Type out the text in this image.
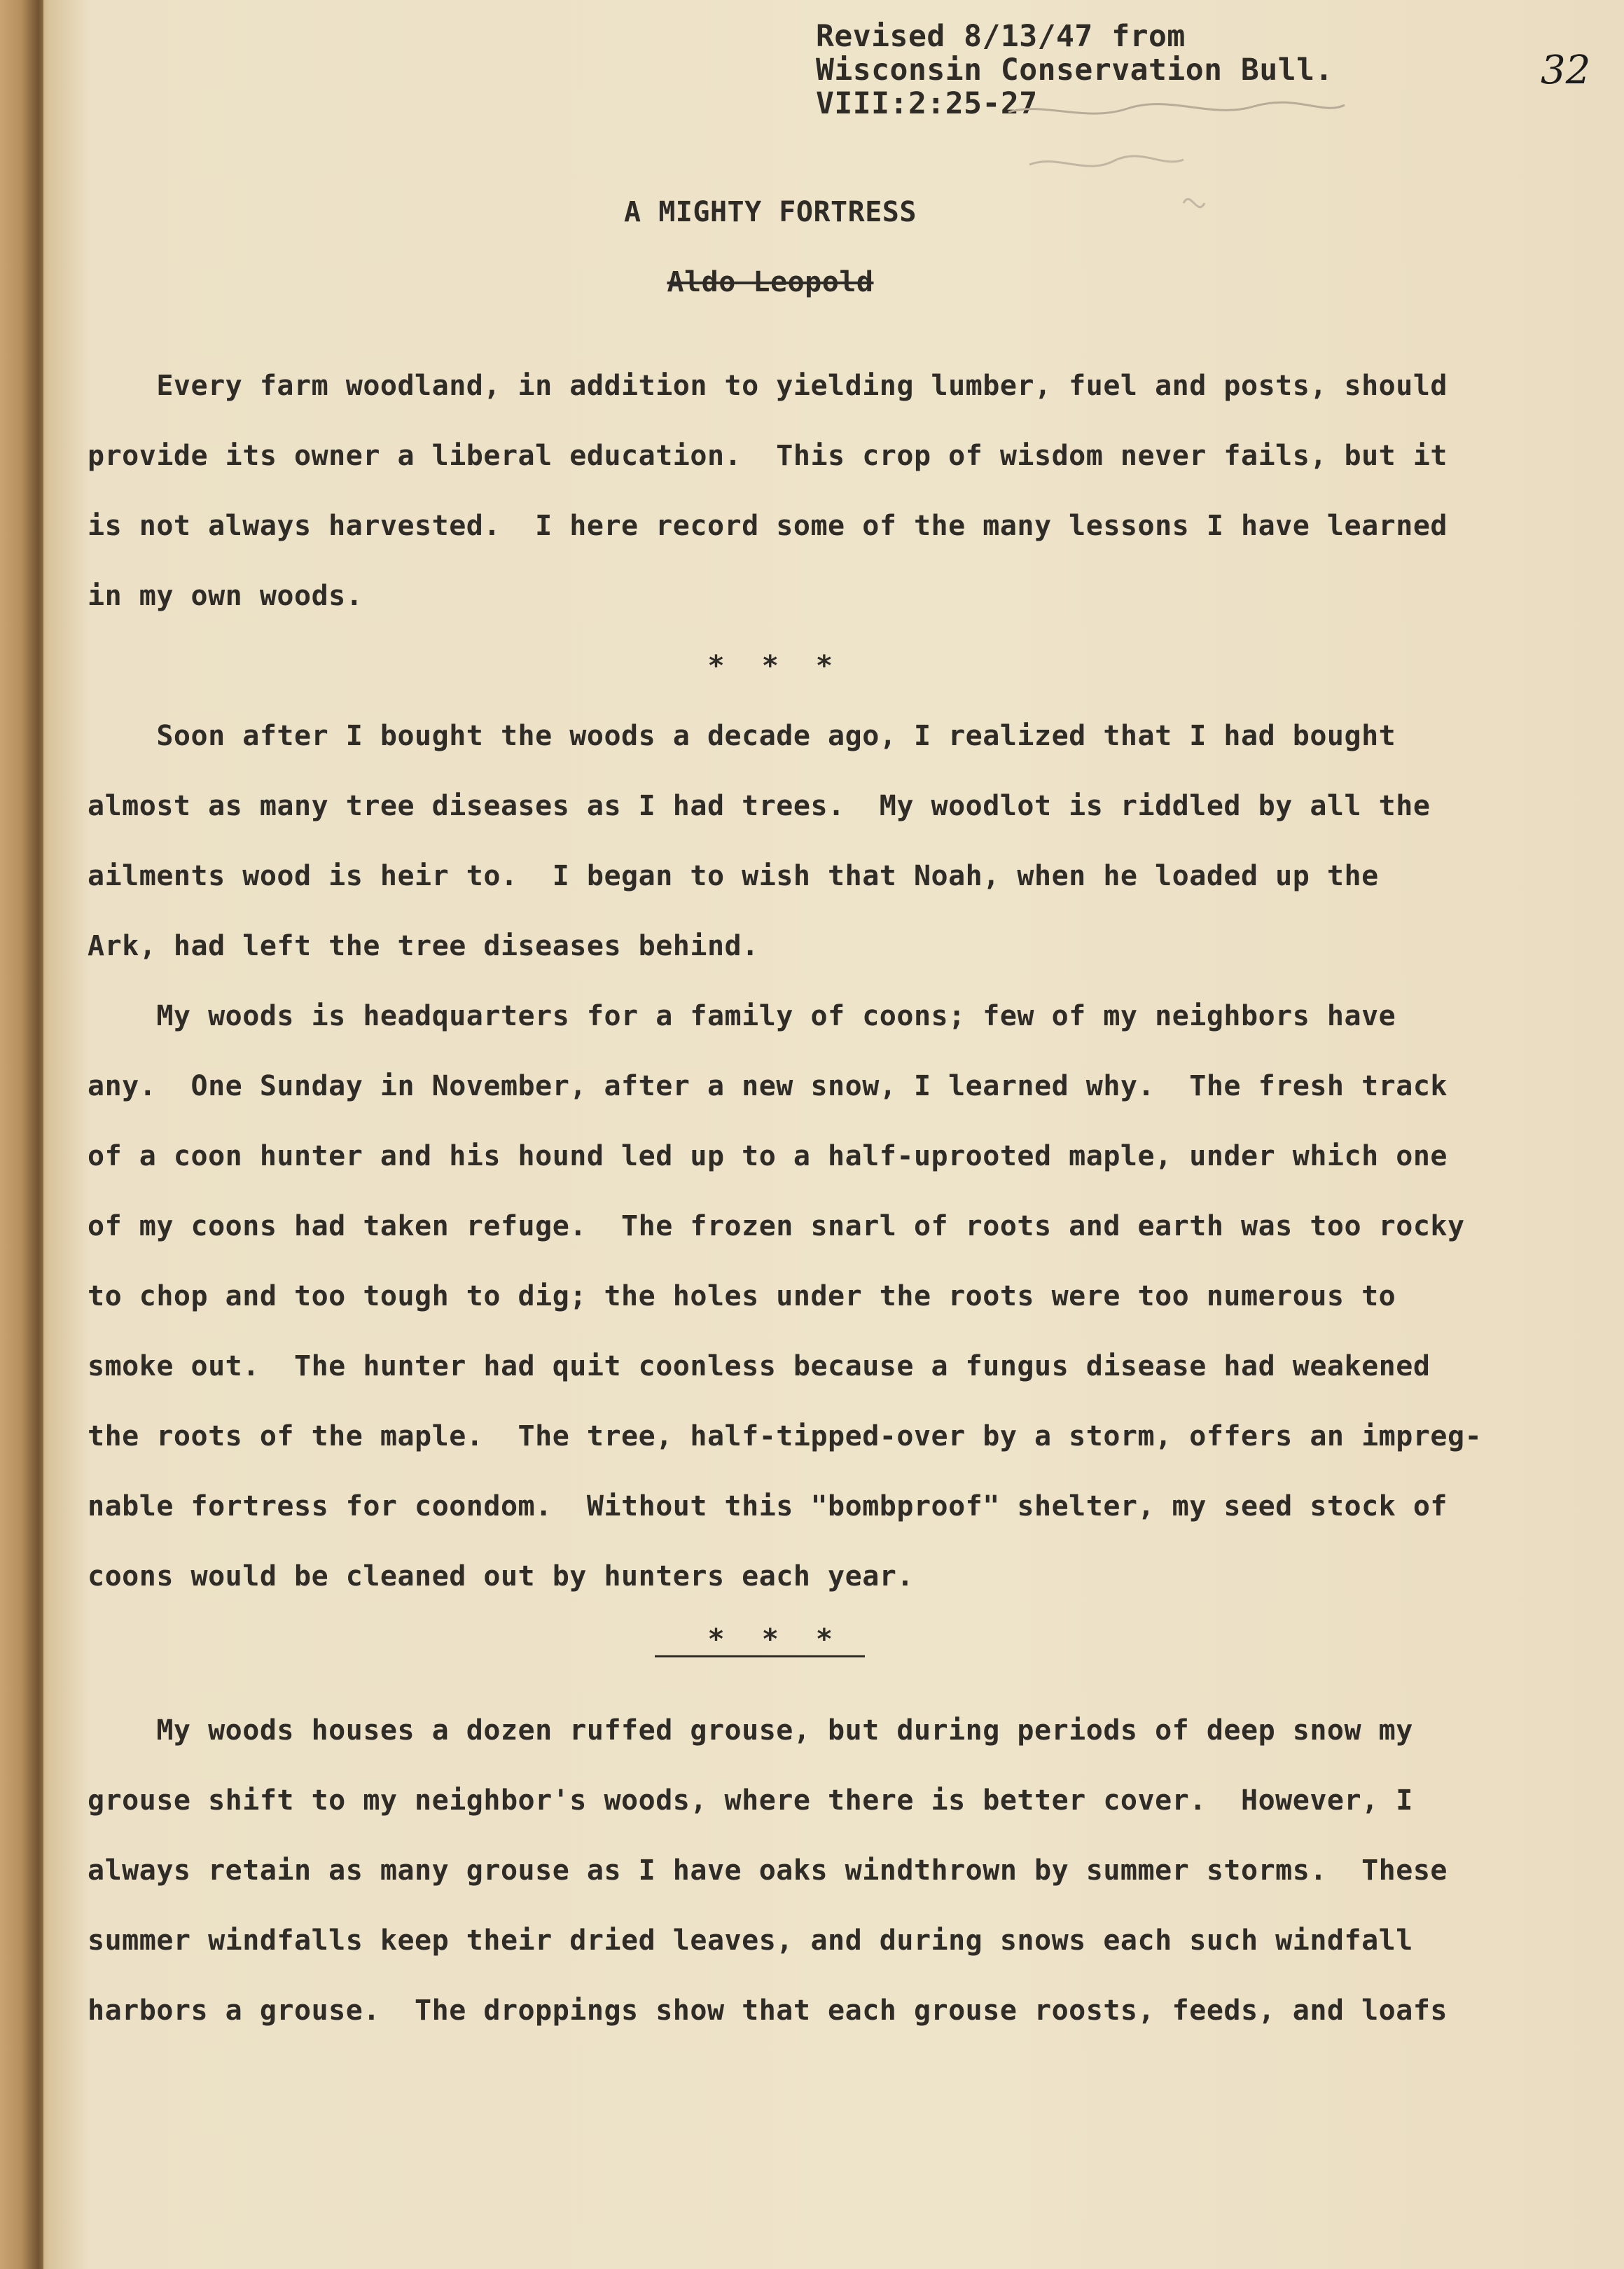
Revised 8/13/47 from
Wisconsin Conservation Bull.
VIII:2:25-27
32
A MIGHTY FORTRESS
Aldo Leopold
Every farm woodland, in addition to yielding lumber, fuel and posts, should
provide its owner a liberal education.  This crop of wisdom never fails, but it
is not always harvested.  I here record some of the many lessons I have learned
in my own woods.
* * *
Soon after I bought the woods a decade ago, I realized that I had bought
almost as many tree diseases as I had trees.  My woodlot is riddled by all the
ailments wood is heir to.  I began to wish that Noah, when he loaded up the
Ark, had left the tree diseases behind.
My woods is headquarters for a family of coons; few of my neighbors have
any.  One Sunday in November, after a new snow, I learned why.  The fresh track
of a coon hunter and his hound led up to a half-uprooted maple, under which one
of my coons had taken refuge.  The frozen snarl of roots and earth was too rocky
to chop and too tough to dig; the holes under the roots were too numerous to
smoke out.  The hunter had quit coonless because a fungus disease had weakened
the roots of the maple.  The tree, half-tipped-over by a storm, offers an impreg-
nable fortress for coondom.  Without this "bombproof" shelter, my seed stock of
coons would be cleaned out by hunters each year.
* * *
My woods houses a dozen ruffed grouse, but during periods of deep snow my
grouse shift to my neighbor's woods, where there is better cover.  However, I
always retain as many grouse as I have oaks windthrown by summer storms.  These
summer windfalls keep their dried leaves, and during snows each such windfall
harbors a grouse.  The droppings show that each grouse roosts, feeds, and loafs
